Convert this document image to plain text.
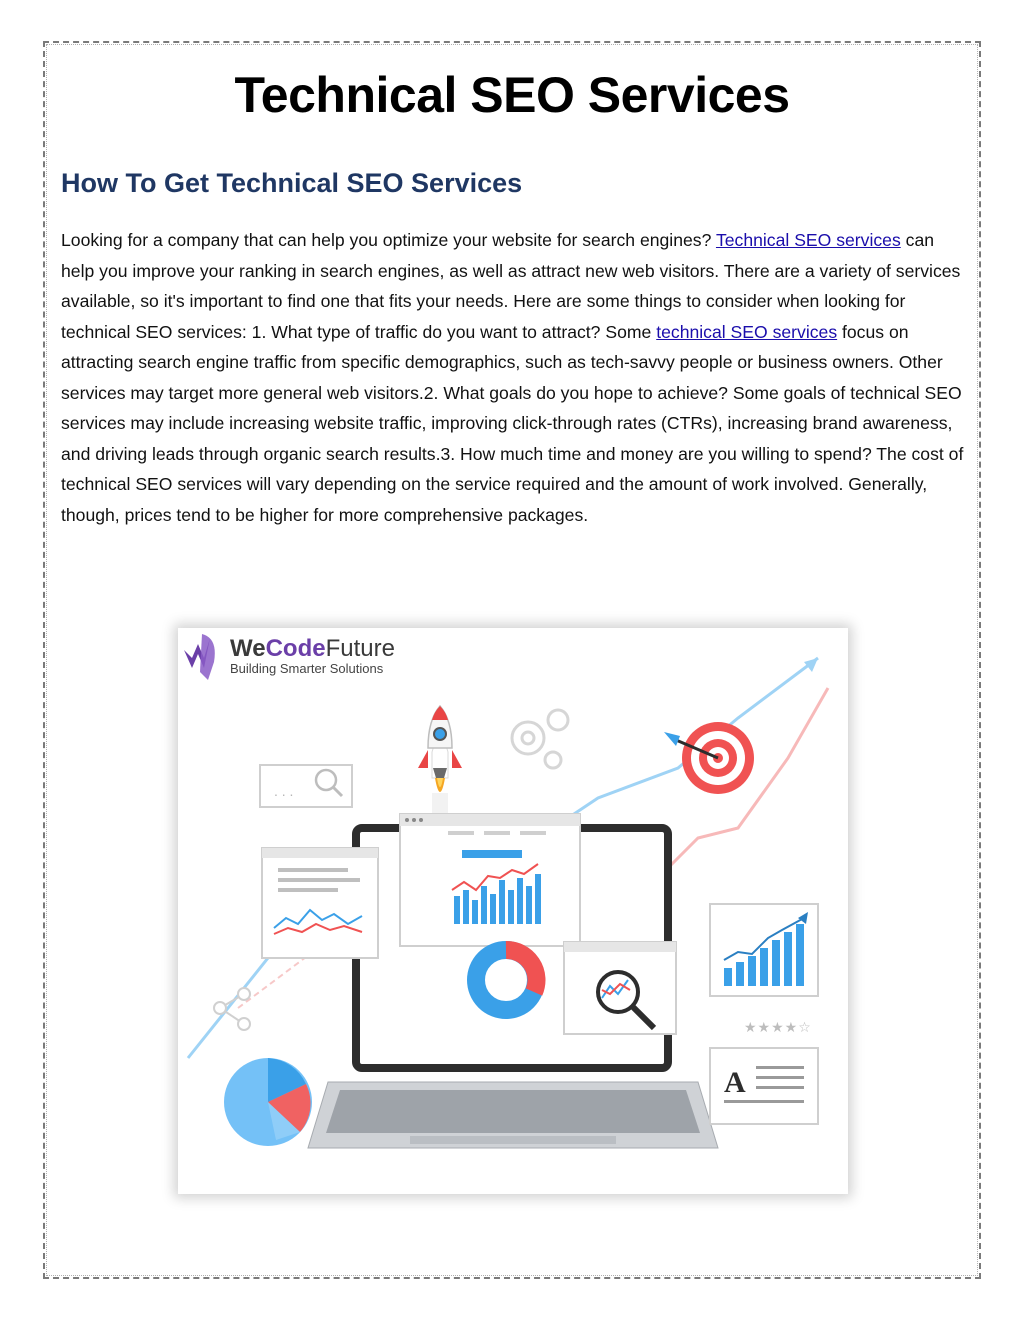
Technical SEO Services
How To Get Technical SEO Services

Looking for a company that can help you optimize your website for search engines? Technical SEO services can help you improve your ranking in search engines, as well as attract new web visitors. There are a variety of services available, so it's important to find one that fits your needs. Here are some things to consider when looking for technical SEO services: 1. What type of traffic do you want to attract? Some technical SEO services focus on attracting search engine traffic from specific demographics, such as tech-savvy people or business owners. Other services may target more general web visitors.2. What goals do you hope to achieve? Some goals of technical SEO services may include increasing website traffic, improving click-through rates (CTRs), increasing brand awareness, and driving leads through organic search results.3. How much time and money are you willing to spend? The cost of technical SEO services will vary depending on the service required and the amount of work involved. Generally, though, prices tend to be higher for more comprehensive packages.

WeCodeFuture
Building Smarter Solutions
. . .
★★★★☆
A
